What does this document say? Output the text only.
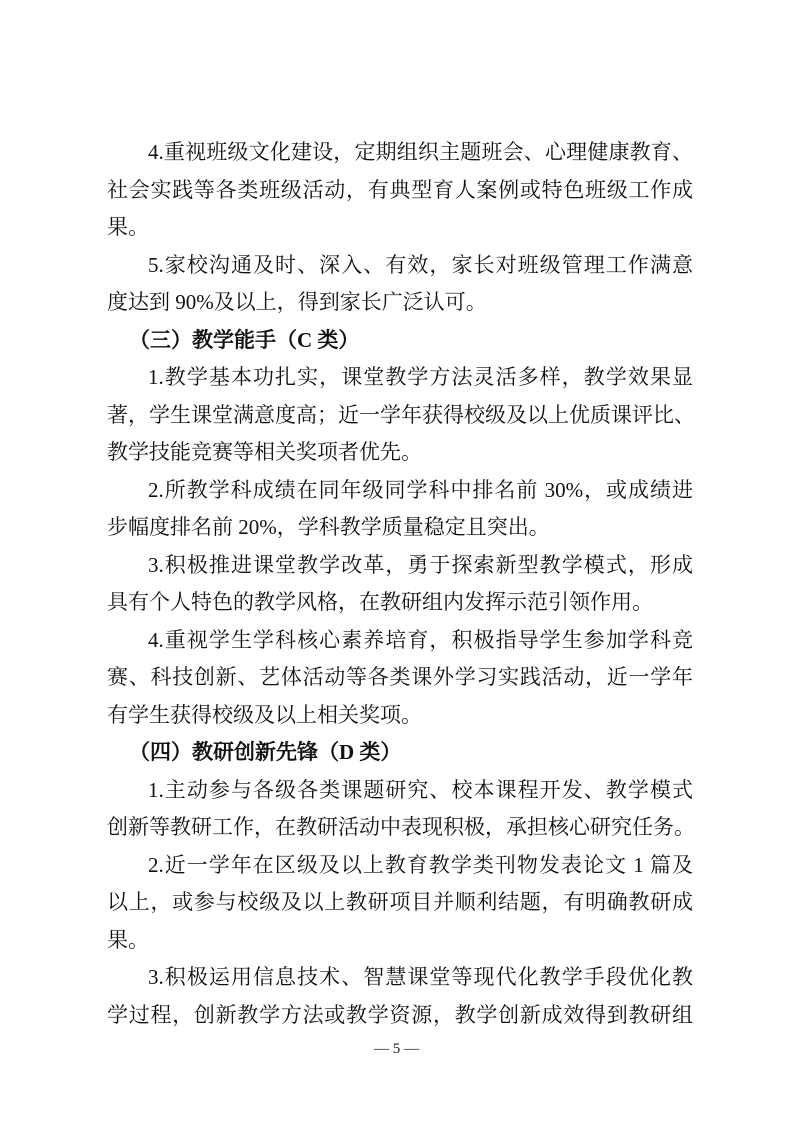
4.重视班级文化建设，定期组织主题班会、心理健康教育、
社会实践等各类班级活动，有典型育人案例或特色班级工作成
果。
5.家校沟通及时、深入、有效，家长对班级管理工作满意
度达到 90%及以上，得到家长广泛认可。
（三）教学能手（C 类）
1.教学基本功扎实，课堂教学方法灵活多样，教学效果显
著，学生课堂满意度高；近一学年获得校级及以上优质课评比、
教学技能竞赛等相关奖项者优先。
2.所教学科成绩在同年级同学科中排名前 30%，或成绩进
步幅度排名前 20%，学科教学质量稳定且突出。
3.积极推进课堂教学改革，勇于探索新型教学模式，形成
具有个人特色的教学风格，在教研组内发挥示范引领作用。
4.重视学生学科核心素养培育，积极指导学生参加学科竞
赛、科技创新、艺体活动等各类课外学习实践活动，近一学年
有学生获得校级及以上相关奖项。
（四）教研创新先锋（D 类）
1.主动参与各级各类课题研究、校本课程开发、教学模式
创新等教研工作，在教研活动中表现积极，承担核心研究任务。
2.近一学年在区级及以上教育教学类刊物发表论文 1 篇及
以上，或参与校级及以上教研项目并顺利结题，有明确教研成
果。
3.积极运用信息技术、智慧课堂等现代化教学手段优化教
学过程，创新教学方法或教学资源，教学创新成效得到教研组
— 5 —
